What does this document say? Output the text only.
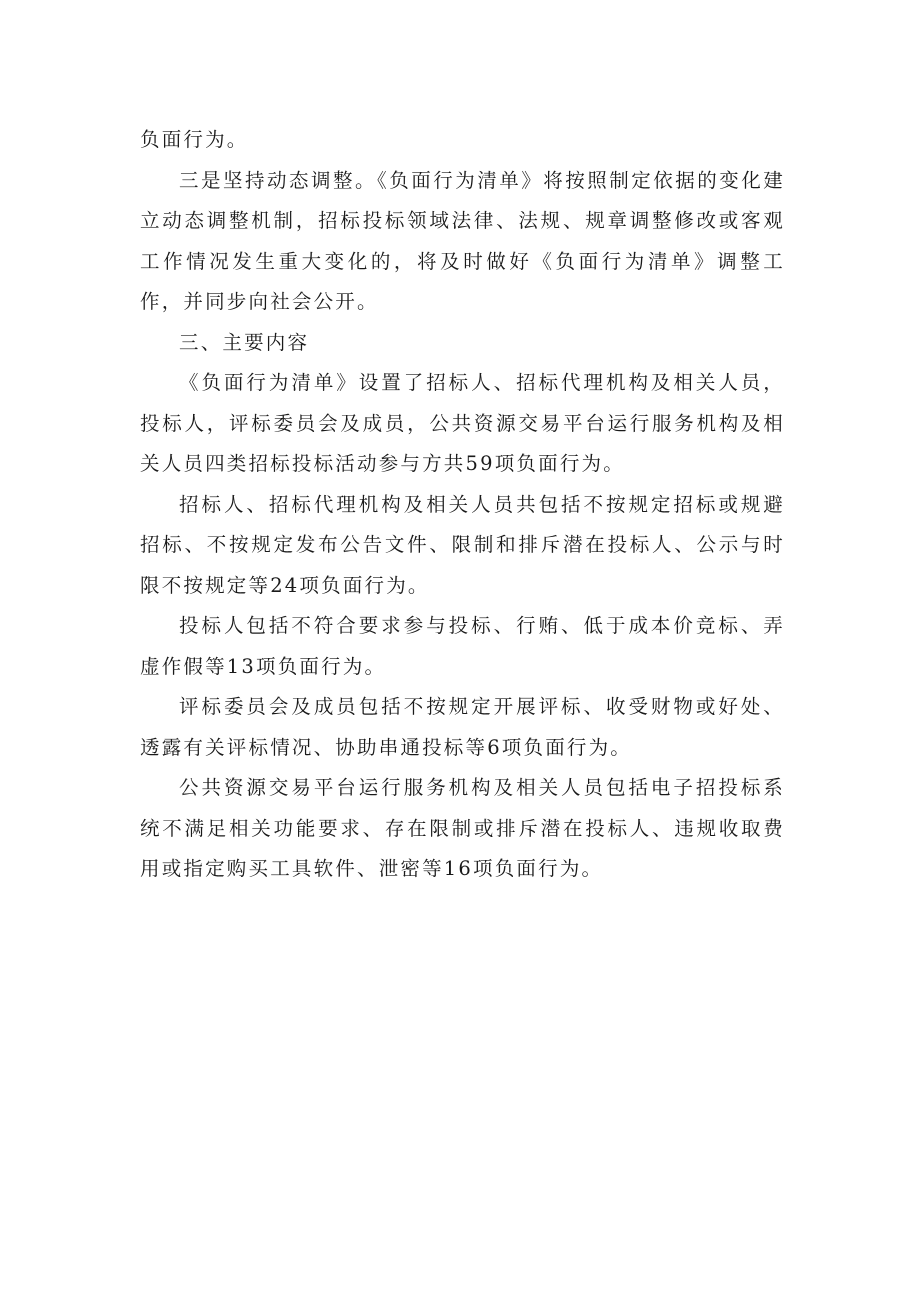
负面行为。

三是坚持动态调整。《负面行为清单》将按照制定依据的变化建立动态调整机制，招标投标领域法律、法规、规章调整修改或客观工作情况发生重大变化的，将及时做好《负面行为清单》调整工作，并同步向社会公开。

三、主要内容

《负面行为清单》设置了招标人、招标代理机构及相关人员，投标人，评标委员会及成员，公共资源交易平台运行服务机构及相关人员四类招标投标活动参与方共59项负面行为。

招标人、招标代理机构及相关人员共包括不按规定招标或规避招标、不按规定发布公告文件、限制和排斥潜在投标人、公示与时限不按规定等24项负面行为。

投标人包括不符合要求参与投标、行贿、低于成本价竞标、弄虚作假等13项负面行为。

评标委员会及成员包括不按规定开展评标、收受财物或好处、透露有关评标情况、协助串通投标等6项负面行为。

公共资源交易平台运行服务机构及相关人员包括电子招投标系统不满足相关功能要求、存在限制或排斥潜在投标人、违规收取费用或指定购买工具软件、泄密等16项负面行为。
